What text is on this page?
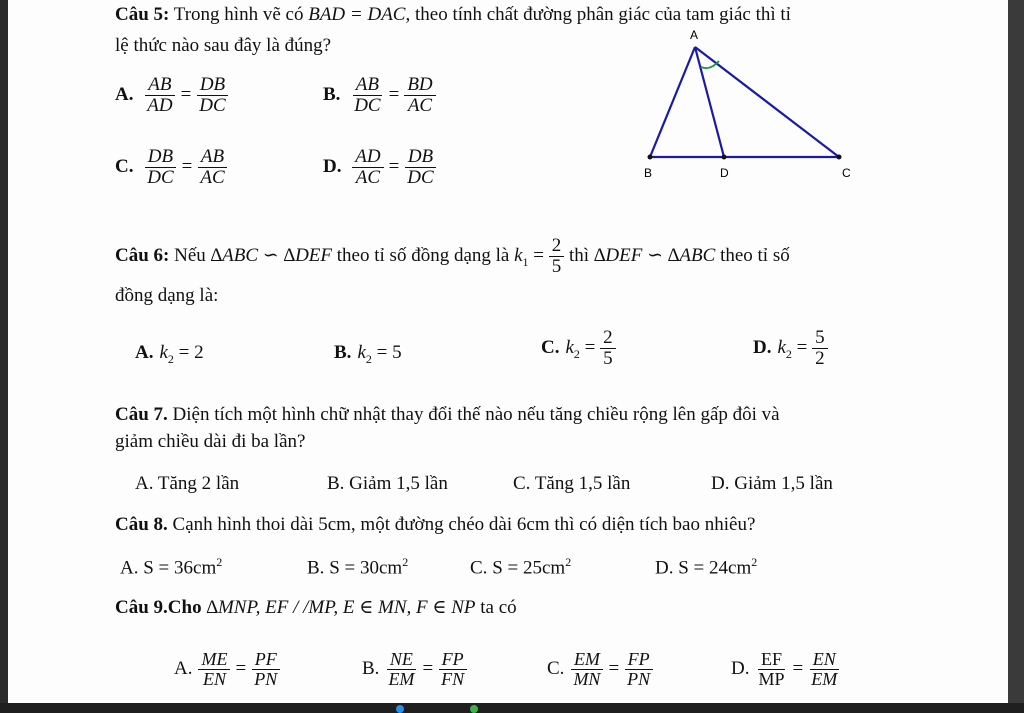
Câu 5: Trong hình vẽ có BAD = DAC, theo tính chất đường phân giác của tam giác thì tỉ
lệ thức nào sau đây là đúng?
A. $\frac{AB}{AD} = \frac{DB}{DC}$	B. $\frac{AB}{DC} = \frac{BD}{AC}$
C. $\frac{DB}{DC} = \frac{AB}{AC}$	D. $\frac{AD}{AC} = \frac{DB}{DC}$
A
B	D	C
Câu 6: Nếu ∆ABC ∽ ∆DEF theo tỉ số đồng dạng là $k_1 = \frac{2}{5}$ thì ∆DEF ∽ ∆ABC theo tỉ số
đồng dạng là:
A. $k_2 = 2$	B. $k_2 = 5$	C. $k_2 = \frac{2}{5}$	D. $k_2 = \frac{5}{2}$
Câu 7. Diện tích một hình chữ nhật thay đổi thế nào nếu tăng chiều rộng lên gấp đôi và
giảm chiều dài đi ba lần?
A. Tăng 2 lần	B. Giảm 1,5 lần	C. Tăng 1,5 lần	D. Giảm 1,5 lần
Câu 8. Cạnh hình thoi dài 5cm, một đường chéo dài 6cm thì có diện tích bao nhiêu?
A. $S = 36cm^2$	B. $S = 30cm^2$	C. $S = 25cm^2$	D. $S = 24cm^2$
Câu 9.Cho ∆MNP, EF / /MP, E ∈ MN, F ∈ NP ta có
A. $\frac{ME}{EN} = \frac{PF}{PN}$	B. $\frac{NE}{EM} = \frac{FP}{FN}$	C. $\frac{EM}{MN} = \frac{FP}{PN}$	D. $\frac{EF}{MP} = \frac{EN}{EM}$
